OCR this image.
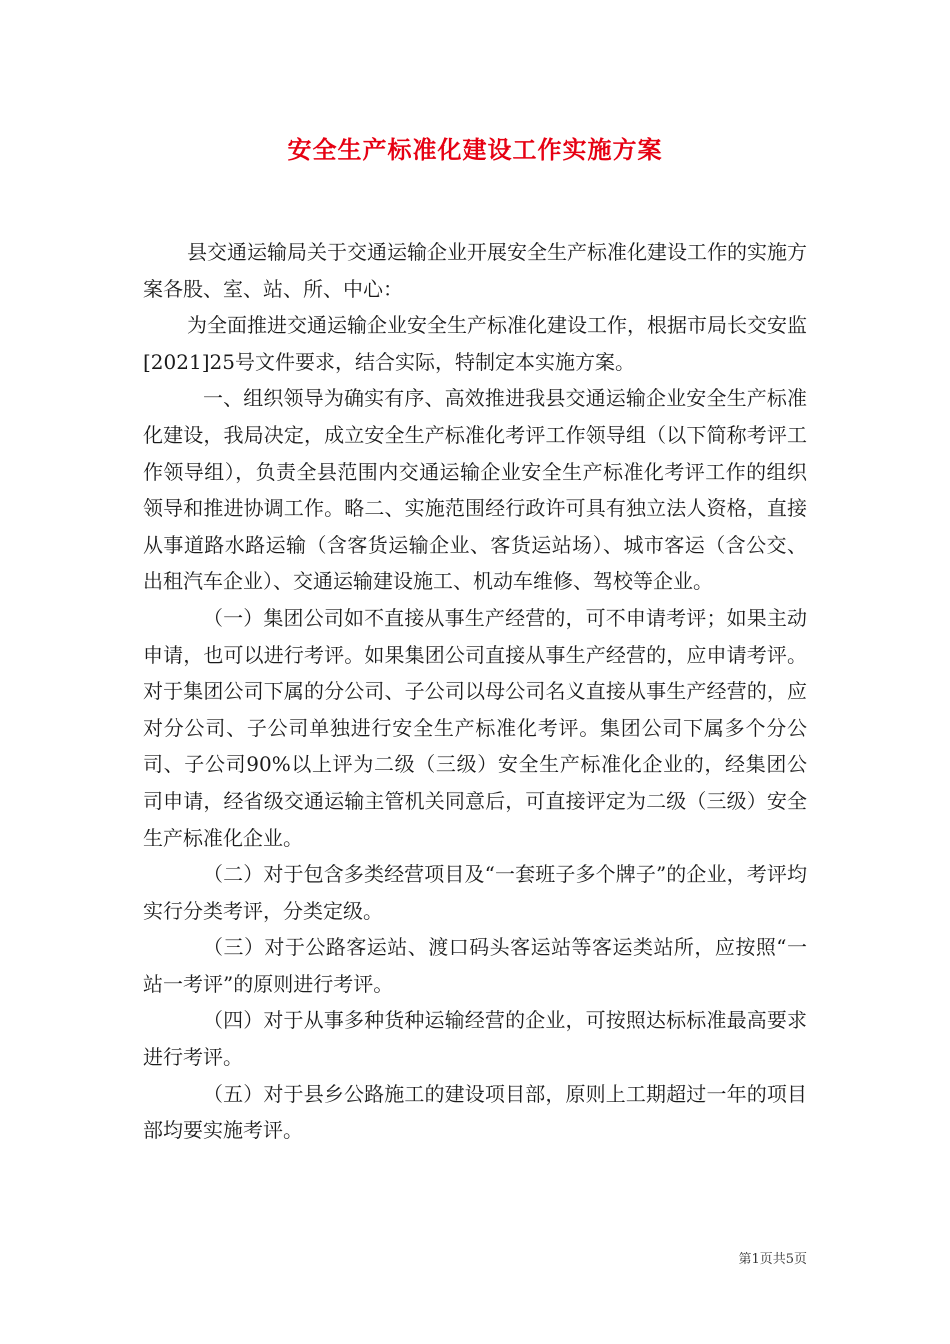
安全生产标准化建设工作实施方案

县交通运输局关于交通运输企业开展安全生产标准化建设工作的实施方案各股、室、站、所、中心：

为全面推进交通运输企业安全生产标准化建设工作，根据市局长交安监[2021]25号文件要求，结合实际，特制定本实施方案。

一、组织领导为确实有序、高效推进我县交通运输企业安全生产标准化建设，我局决定，成立安全生产标准化考评工作领导组（以下简称考评工作领导组），负责全县范围内交通运输企业安全生产标准化考评工作的组织领导和推进协调工作。略二、实施范围经行政许可具有独立法人资格，直接从事道路水路运输（含客货运输企业、客货运站场）、城市客运（含公交、出租汽车企业）、交通运输建设施工、机动车维修、驾校等企业。

（一）集团公司如不直接从事生产经营的，可不申请考评；如果主动申请，也可以进行考评。如果集团公司直接从事生产经营的，应申请考评。对于集团公司下属的分公司、子公司以母公司名义直接从事生产经营的，应对分公司、子公司单独进行安全生产标准化考评。集团公司下属多个分公司、子公司90%以上评为二级（三级）安全生产标准化企业的，经集团公司申请，经省级交通运输主管机关同意后，可直接评定为二级（三级）安全生产标准化企业。

（二）对于包含多类经营项目及“一套班子多个牌子”的企业，考评均实行分类考评，分类定级。

（三）对于公路客运站、渡口码头客运站等客运类站所，应按照“一站一考评”的原则进行考评。

（四）对于从事多种货种运输经营的企业，可按照达标标准最高要求进行考评。

（五）对于县乡公路施工的建设项目部，原则上工期超过一年的项目部均要实施考评。

第1页共5页
